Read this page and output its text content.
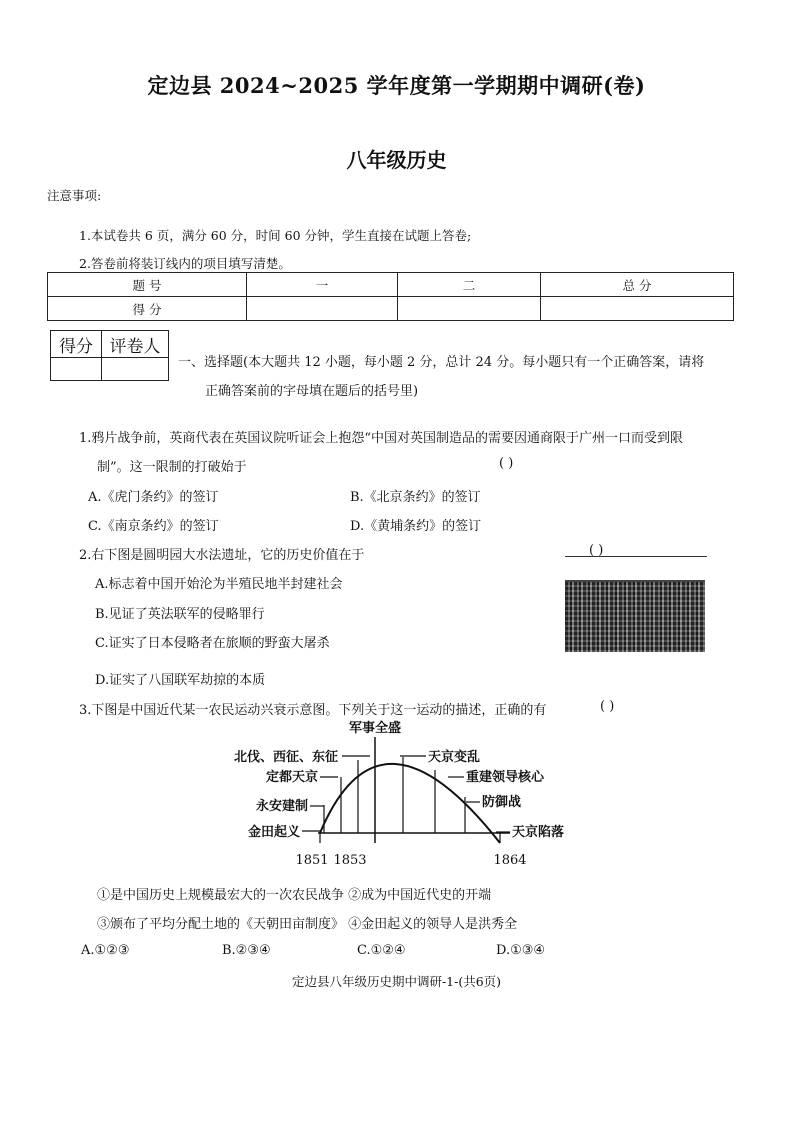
定边县 2024~2025 学年度第一学期期中调研(卷)
八年级历史
注意事项:
1.本试卷共 6 页，满分 60 分，时间 60 分钟，学生直接在试题上答卷;
2.答卷前将装订线内的项目填写清楚。
题 号	一	二	总 分
得 分			
得分	评卷人

一、选择题(本大题共 12 小题，每小题 2 分，总计 24 分。每小题只有一个正确答案，请将
正确答案前的字母填在题后的括号里)
1.鸦片战争前，英商代表在英国议院听证会上抱怨“中国对英国制造品的需要因通商限于广州一口而受到限
制”。这一限制的打破始于	( )
A.《虎门条约》的签订	B.《北京条约》的签订
C.《南京条约》的签订	D.《黄埔条约》的签订
2.右下图是圆明园大水法遗址，它的历史价值在于	( )
A.标志着中国开始沦为半殖民地半封建社会
B.见证了英法联军的侵略罪行
C.证实了日本侵略者在旅顺的野蛮大屠杀
D.证实了八国联军劫掠的本质
3.下图是中国近代某一农民运动兴衰示意图。下列关于这一运动的描述，正确的有	( )
军事全盛
北伐、西征、东征
定都天京
永安建制
金田起义
天京变乱
重建领导核心
防御战
天京陷落
1851 1853	1864
①是中国历史上规模最宏大的一次农民战争 ②成为中国近代史的开端
③颁布了平均分配土地的《天朝田亩制度》 ④金田起义的领导人是洪秀全
A.①②③	B.②③④	C.①②④	D.①③④
定边县八年级历史期中调研-1-(共6页)
